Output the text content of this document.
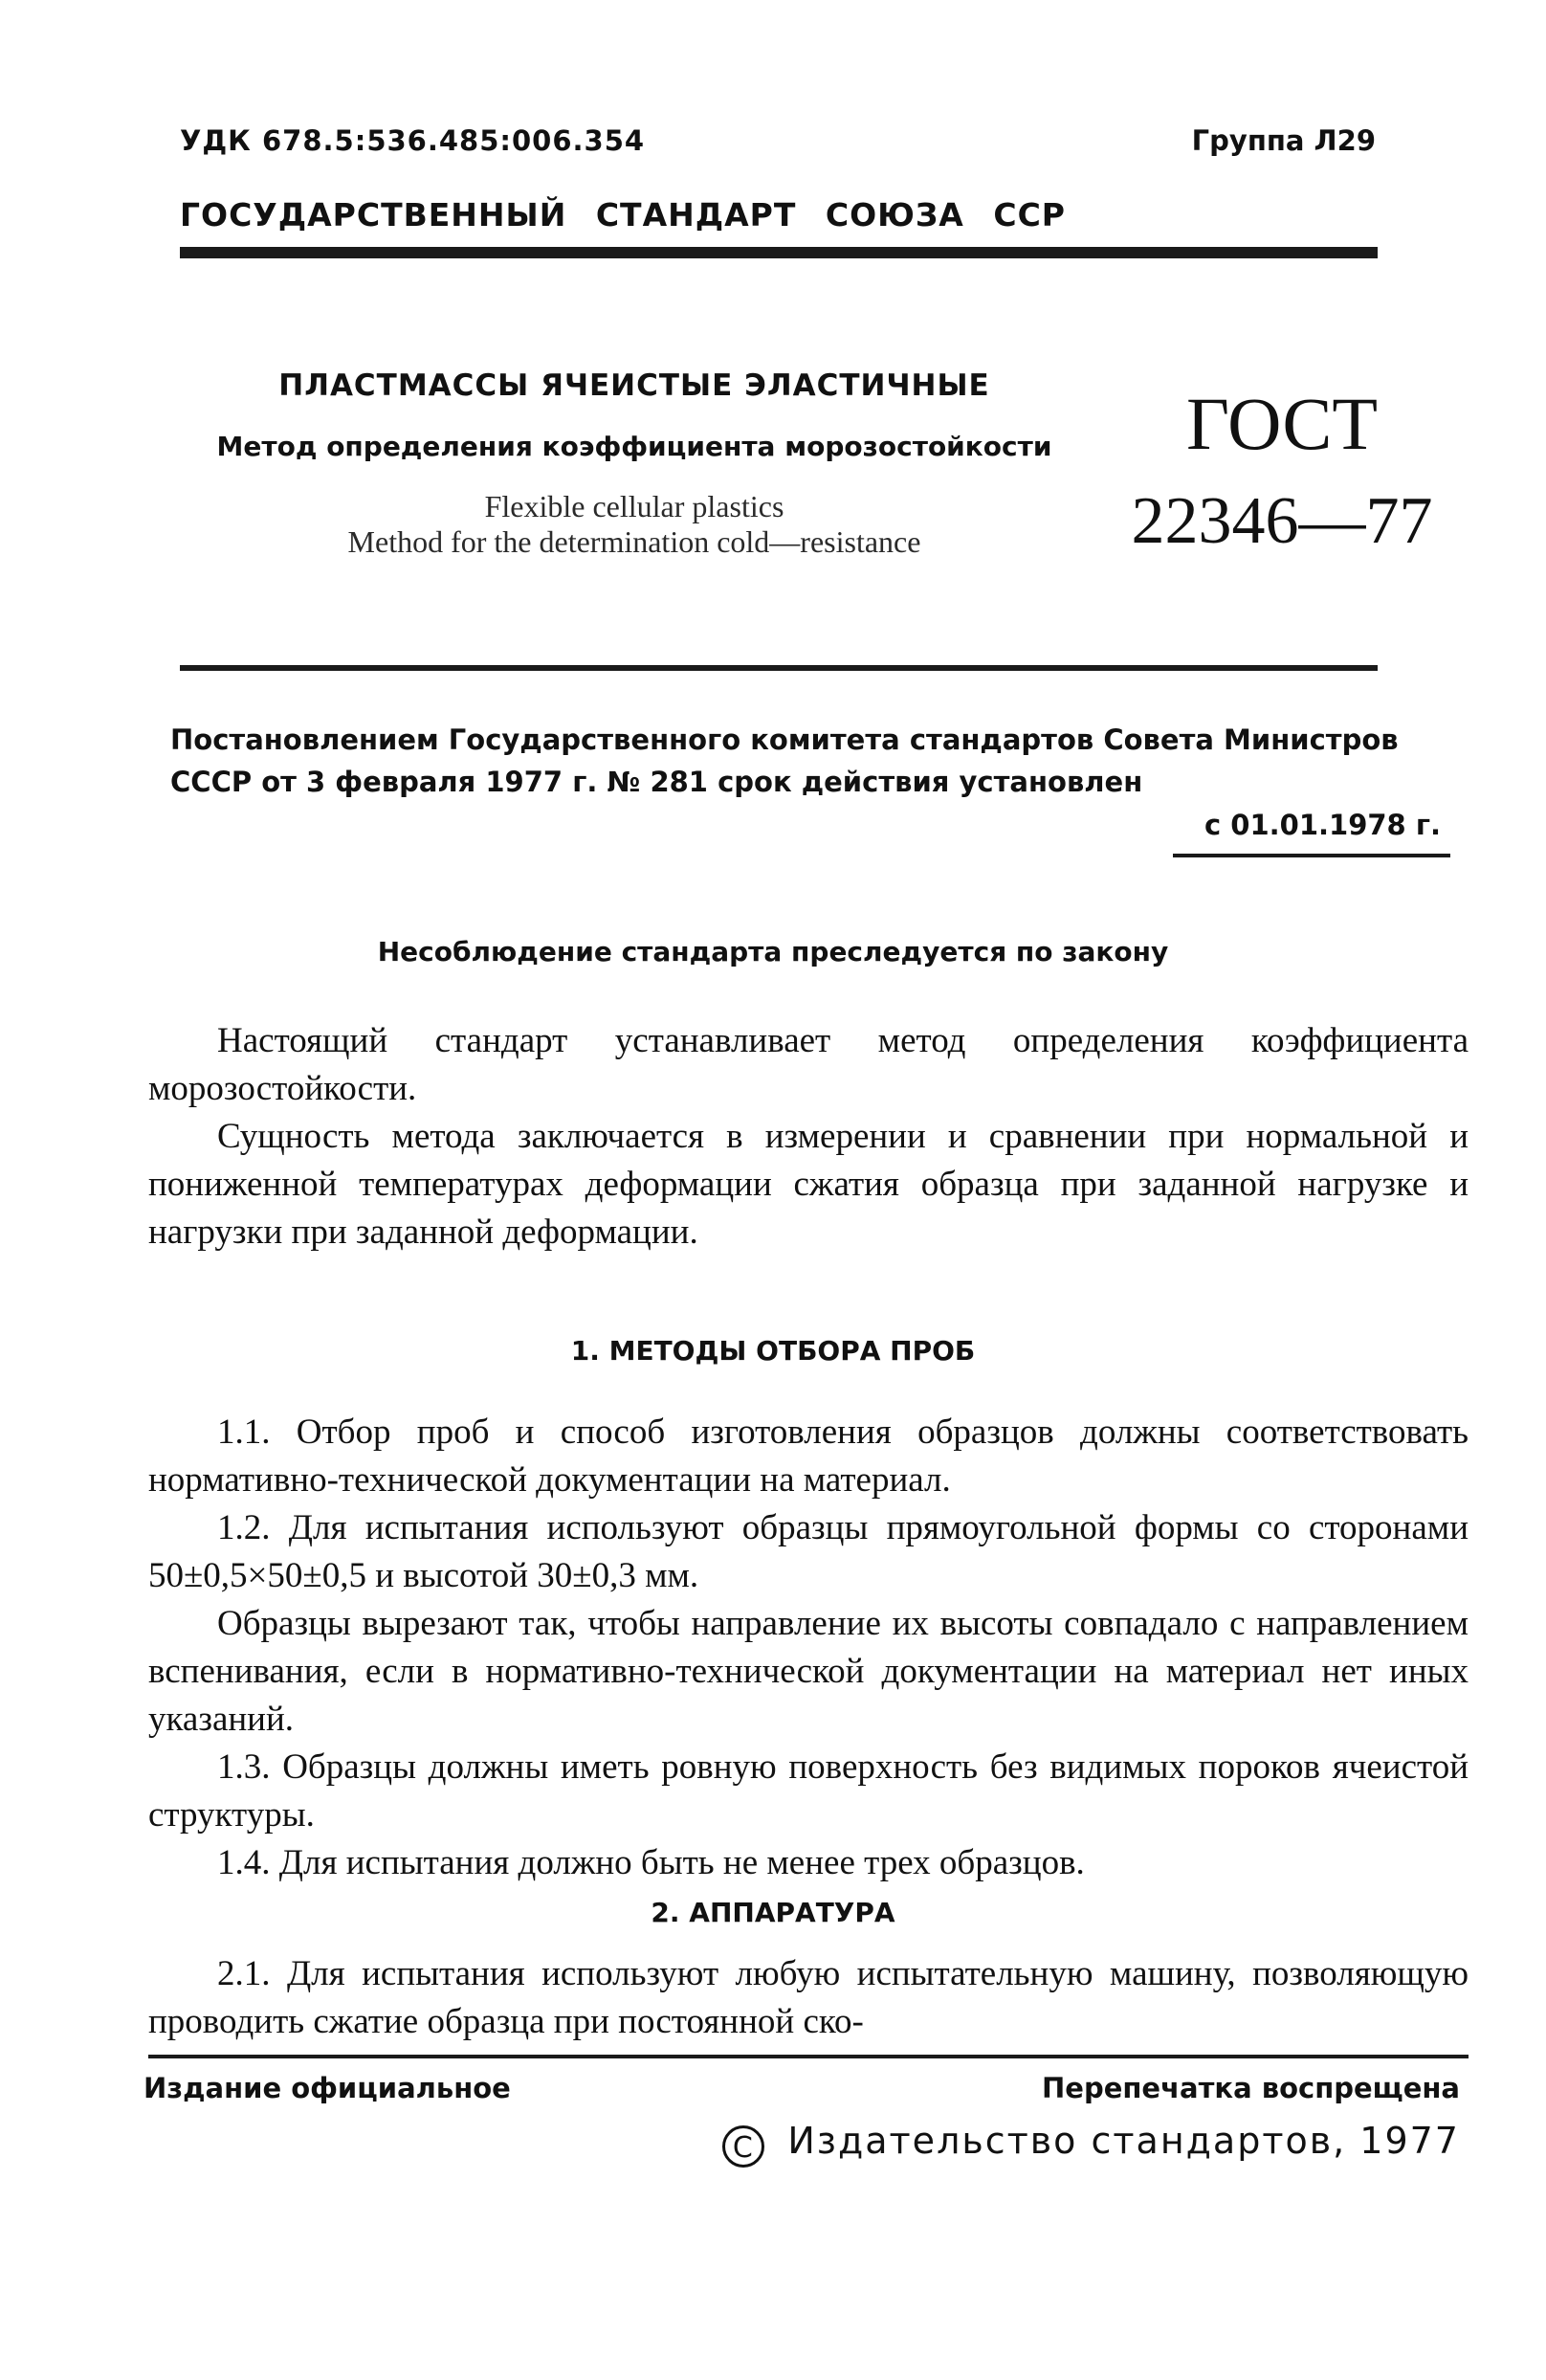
УДК 678.5:536.485:006.354	Группа Л29
ГОСУДАРСТВЕННЫЙ СТАНДАРТ СОЮЗА ССР
ПЛАСТМАССЫ ЯЧЕИСТЫЕ ЭЛАСТИЧНЫЕ
Метод определения коэффициента морозостойкости
Flexible cellular plastics
Method for the determination cold—resistance
ГОСТ
22346—77
Постановлением Государственного комитета стандартов Совета Министров СССР от 3 февраля 1977 г. № 281 срок действия установлен
с 01.01.1978 г.
Несоблюдение стандарта преследуется по закону

Настоящий стандарт устанавливает метод определения коэффициента морозостойкости.

Сущность метода заключается в измерении и сравнении при нормальной и пониженной температурах деформации сжатия образца при заданной нагрузке и нагрузки при заданной деформации.

1. МЕТОДЫ ОТБОРА ПРОБ

1.1. Отбор проб и способ изготовления образцов должны соответствовать нормативно-технической документации на материал.

1.2. Для испытания используют образцы прямоугольной формы со сторонами 50±0,5×50±0,5 и высотой 30±0,3 мм.

Образцы вырезают так, чтобы направление их высоты совпадало с направлением вспенивания, если в нормативно-технической документации на материал нет иных указаний.

1.3. Образцы должны иметь ровную поверхность без видимых пороков ячеистой структуры.

1.4. Для испытания должно быть не менее трех образцов.

2. АППАРАТУРА

2.1. Для испытания используют любую испытательную машину, позволяющую проводить сжатие образца при постоянной ско-

Издание официальное	Перепечатка воспрещена
C Издательство стандартов, 1977
